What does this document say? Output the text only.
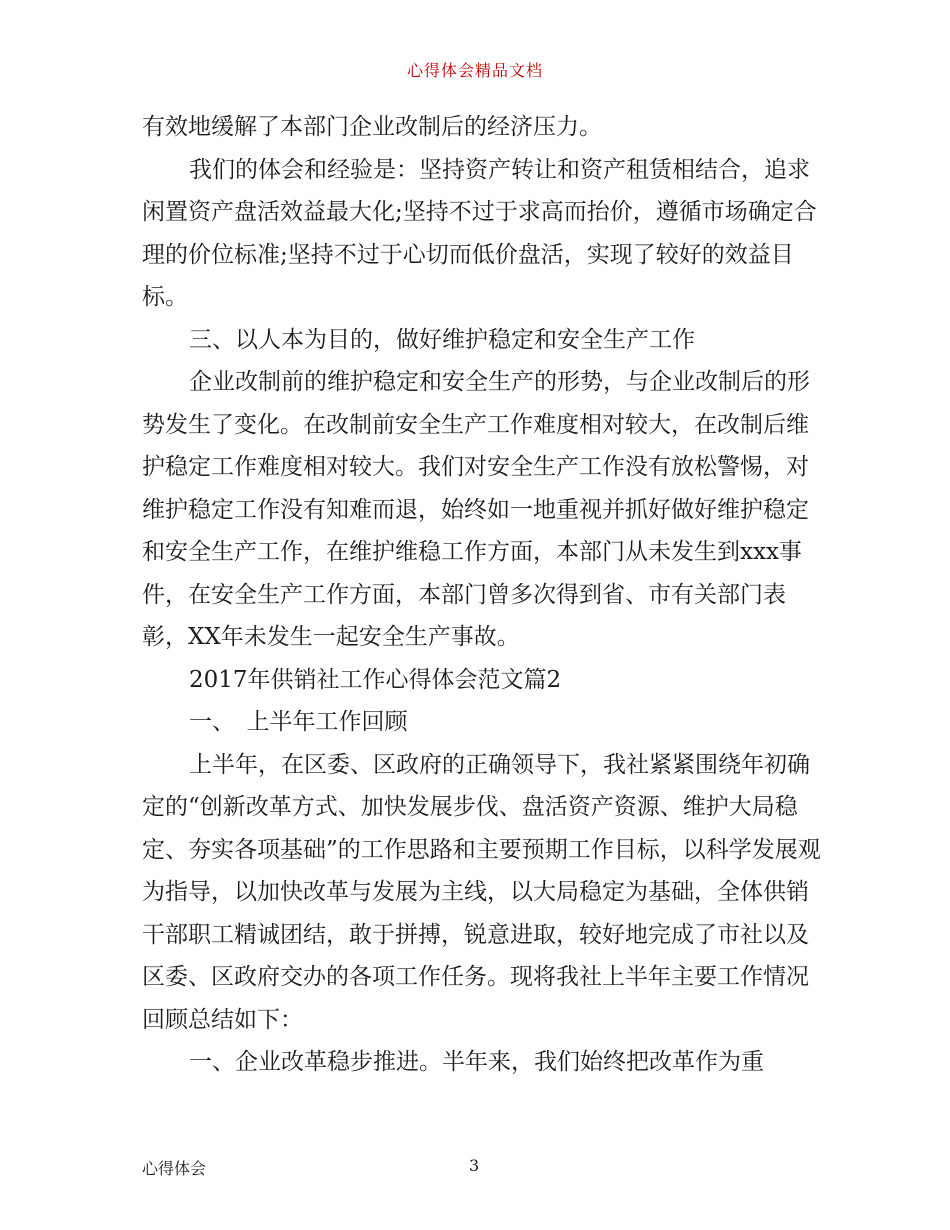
心得体会精品文档

有效地缓解了本部门企业改制后的经济压力。

我们的体会和经验是：坚持资产转让和资产租赁相结合，追求闲置资产盘活效益最大化;坚持不过于求高而抬价，遵循市场确定合理的价位标准;坚持不过于心切而低价盘活，实现了较好的效益目标。

三、以人本为目的，做好维护稳定和安全生产工作

企业改制前的维护稳定和安全生产的形势，与企业改制后的形势发生了变化。在改制前安全生产工作难度相对较大，在改制后维护稳定工作难度相对较大。我们对安全生产工作没有放松警惕，对维护稳定工作没有知难而退，始终如一地重视并抓好做好维护稳定和安全生产工作，在维护维稳工作方面，本部门从未发生到xxx事件，在安全生产工作方面，本部门曾多次得到省、市有关部门表彰，XX年未发生一起安全生产事故。

2017年供销社工作心得体会范文篇2

一、　上半年工作回顾

上半年，在区委、区政府的正确领导下，我社紧紧围绕年初确定的“创新改革方式、加快发展步伐、盘活资产资源、维护大局稳定、夯实各项基础”的工作思路和主要预期工作目标，以科学发展观为指导，以加快改革与发展为主线，以大局稳定为基础，全体供销干部职工精诚团结，敢于拼搏，锐意进取，较好地完成了市社以及区委、区政府交办的各项工作任务。现将我社上半年主要工作情况回顾总结如下：

一、企业改革稳步推进。半年来，我们始终把改革作为重

心得体会	3
